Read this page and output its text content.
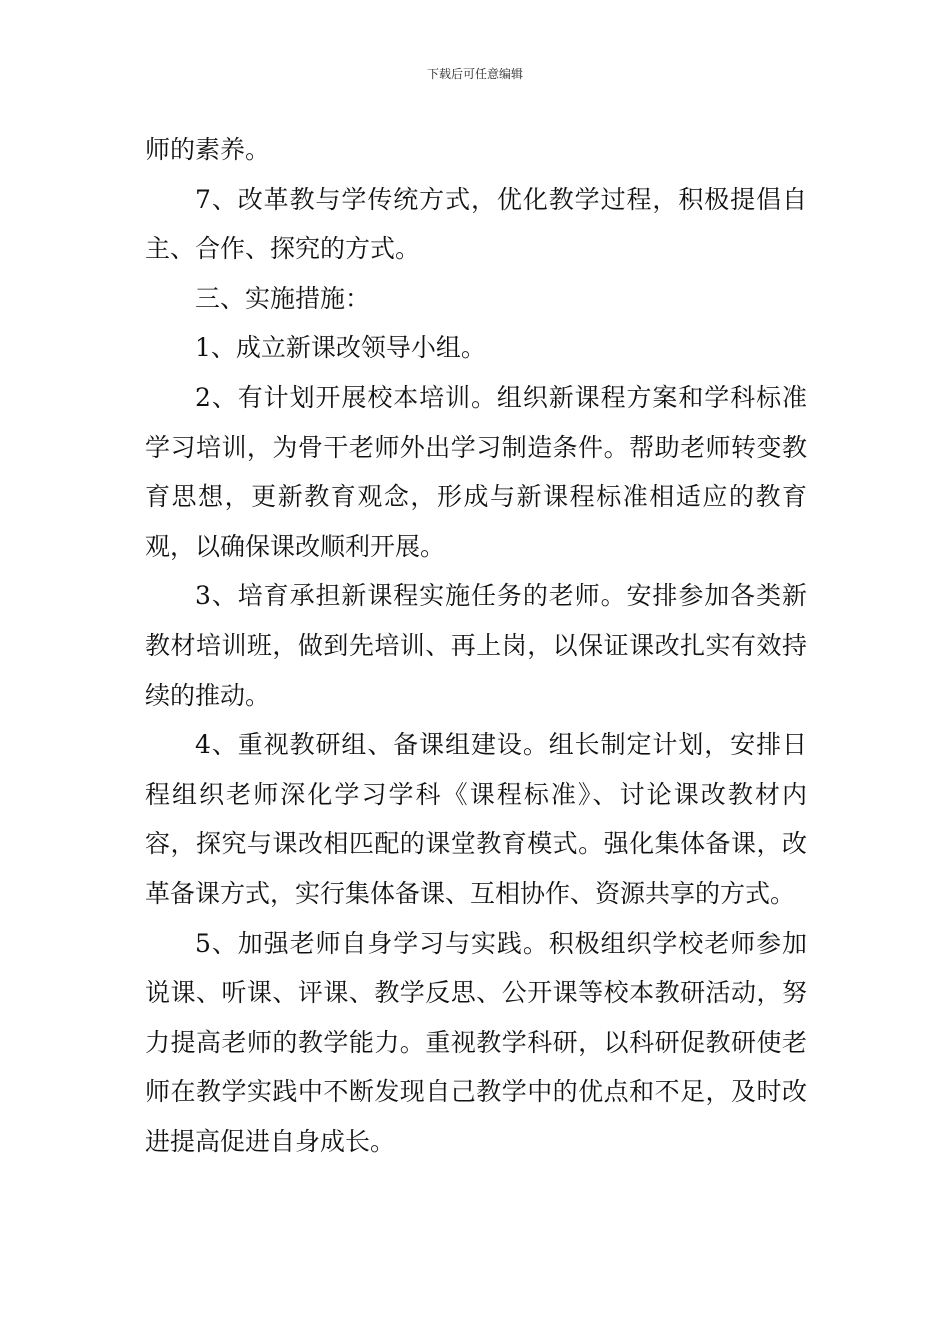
下载后可任意编辑

师的素养。

7、改革教与学传统方式，优化教学过程，积极提倡自主、合作、探究的方式。

三、实施措施：

1、成立新课改领导小组。

2、有计划开展校本培训。组织新课程方案和学科标准学习培训，为骨干老师外出学习制造条件。帮助老师转变教育思想，更新教育观念，形成与新课程标准相适应的教育观，以确保课改顺利开展。

3、培育承担新课程实施任务的老师。安排参加各类新教材培训班，做到先培训、再上岗，以保证课改扎实有效持续的推动。

4、重视教研组、备课组建设。组长制定计划，安排日程组织老师深化学习学科《课程标准》、讨论课改教材内容，探究与课改相匹配的课堂教育模式。强化集体备课，改革备课方式，实行集体备课、互相协作、资源共享的方式。

5、加强老师自身学习与实践。积极组织学校老师参加说课、听课、评课、教学反思、公开课等校本教研活动，努力提高老师的教学能力。重视教学科研，以科研促教研使老师在教学实践中不断发现自己教学中的优点和不足，及时改进提高促进自身成长。
